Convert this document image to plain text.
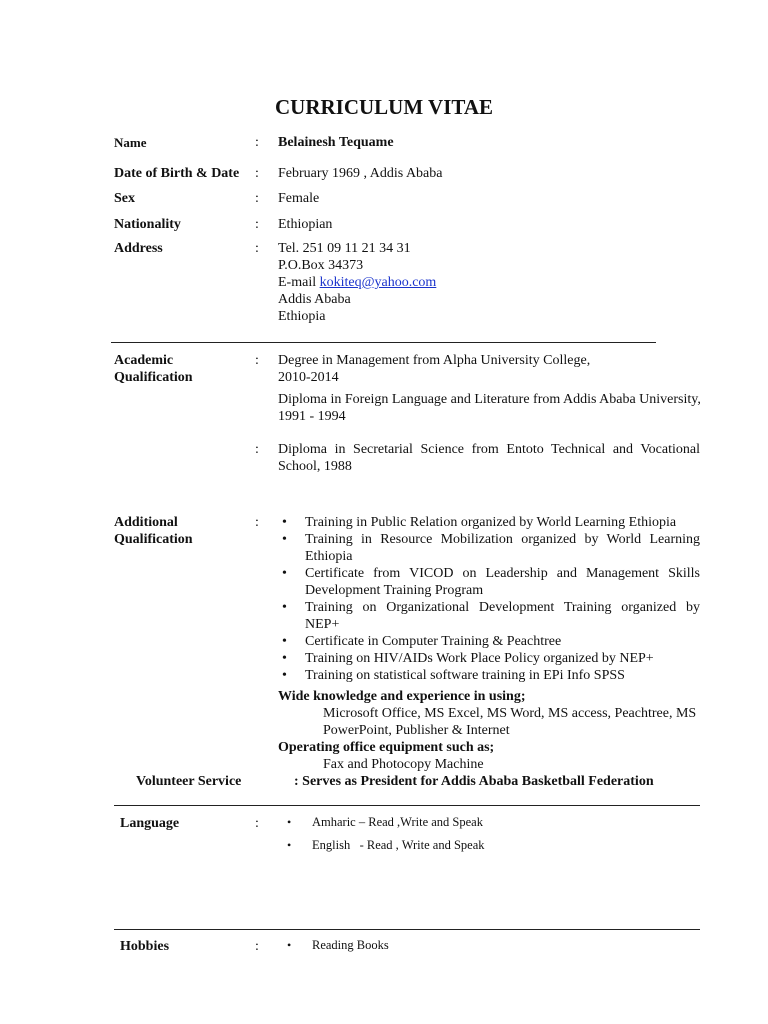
CURRICULUM VITAE
Name	: Belainesh Tequame
Date of Birth & Date : February 1969 , Addis Ababa
Sex	: Female
Nationality	: Ethiopian
Address	: Tel. 251 09 11 21 34 31
P.O.Box 34373
E-mail kokiteq@yahoo.com
Addis Ababa
Ethiopia
Academic
Qualification
: Degree in Management from Alpha University College,
2010-2014
Diploma in Foreign Language and Literature from Addis Ababa University,
1991 - 1994
: Diploma in Secretarial Science from Entoto Technical and Vocational School, 1988
Additional
Qualification
:
•	Training in Public Relation organized by World Learning Ethiopia
• Training in Resource Mobilization organized by World Learning Ethiopia
• Certificate from VICOD on Leadership and Management Skills Development Training Program
• Training on Organizational Development Training organized by NEP+
• Certificate in Computer Training & Peachtree
• Training on HIV/AIDs Work Place Policy organized by NEP+
• Training on statistical software training in EPi Info SPSS
Wide knowledge and experience in using;
Microsoft Office, MS Excel, MS Word, MS access, Peachtree, MS
PowerPoint, Publisher & Internet
Operating office equipment such as;
Fax and Photocopy Machine
Volunteer Service	: Serves as President for Addis Ababa Basketball Federation
Language	: • Amharic – Read ,Write and Speak
• English   - Read , Write and Speak
Hobbies	: • Reading Books
